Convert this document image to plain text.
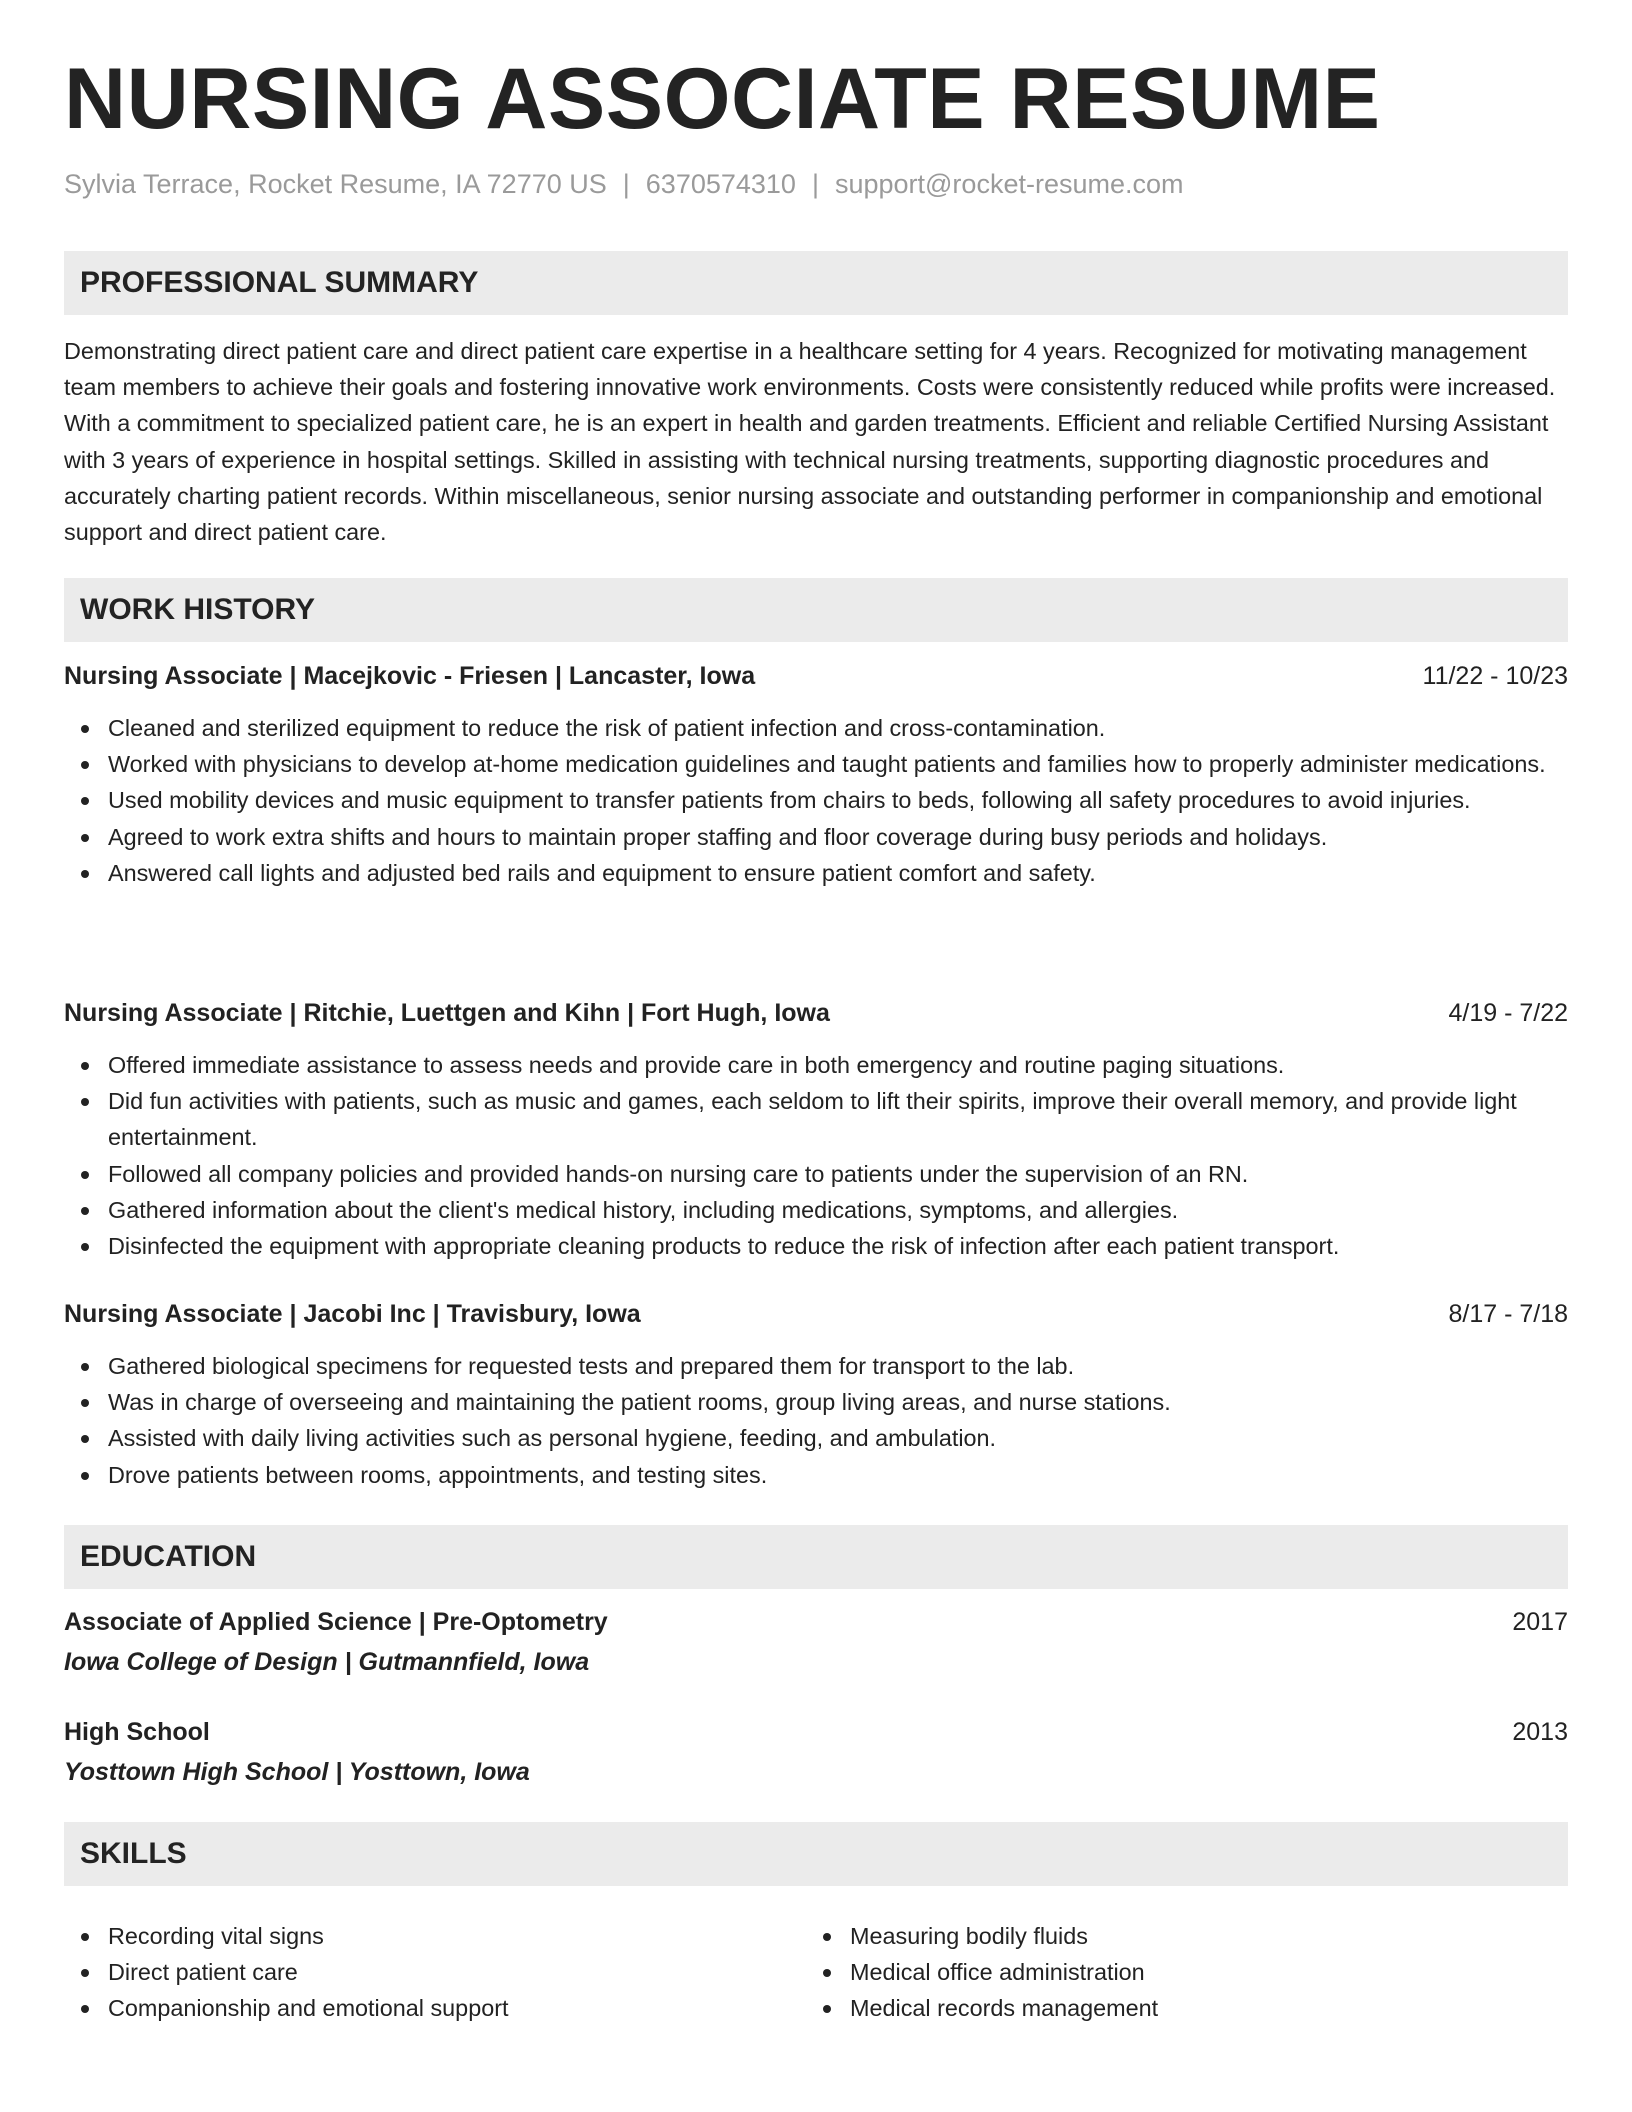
NURSING ASSOCIATE RESUME
Sylvia Terrace, Rocket Resume, IA 72770 US | 6370574310 | support@rocket-resume.com
PROFESSIONAL SUMMARY

Demonstrating direct patient care and direct patient care expertise in a healthcare setting for 4 years. Recognized for motivating management team members to achieve their goals and fostering innovative work environments. Costs were consistently reduced while profits were increased. With a commitment to specialized patient care, he is an expert in health and garden treatments. Efficient and reliable Certified Nursing Assistant with 3 years of experience in hospital settings. Skilled in assisting with technical nursing treatments, supporting diagnostic procedures and accurately charting patient records. Within miscellaneous, senior nursing associate and outstanding performer in companionship and emotional support and direct patient care.

WORK HISTORY
Nursing Associate | Macejkovic - Friesen | Lancaster, Iowa	11/22 - 10/23
Cleaned and sterilized equipment to reduce the risk of patient infection and cross-contamination.
Worked with physicians to develop at-home medication guidelines and taught patients and families how to properly administer medications.
Used mobility devices and music equipment to transfer patients from chairs to beds, following all safety procedures to avoid injuries.
Agreed to work extra shifts and hours to maintain proper staffing and floor coverage during busy periods and holidays.
Answered call lights and adjusted bed rails and equipment to ensure patient comfort and safety.
Nursing Associate | Ritchie, Luettgen and Kihn | Fort Hugh, Iowa	4/19 - 7/22
Offered immediate assistance to assess needs and provide care in both emergency and routine paging situations.
Did fun activities with patients, such as music and games, each seldom to lift their spirits, improve their overall memory, and provide light entertainment.
Followed all company policies and provided hands-on nursing care to patients under the supervision of an RN.
Gathered information about the client's medical history, including medications, symptoms, and allergies.
Disinfected the equipment with appropriate cleaning products to reduce the risk of infection after each patient transport.
Nursing Associate | Jacobi Inc | Travisbury, Iowa	8/17 - 7/18
Gathered biological specimens for requested tests and prepared them for transport to the lab.
Was in charge of overseeing and maintaining the patient rooms, group living areas, and nurse stations.
Assisted with daily living activities such as personal hygiene, feeding, and ambulation.
Drove patients between rooms, appointments, and testing sites.
EDUCATION
Associate of Applied Science | Pre-Optometry	2017
Iowa College of Design | Gutmannfield, Iowa
High School	2013
Yosttown High School | Yosttown, Iowa
SKILLS
Recording vital signs
Direct patient care
Companionship and emotional support
Measuring bodily fluids
Medical office administration
Medical records management
